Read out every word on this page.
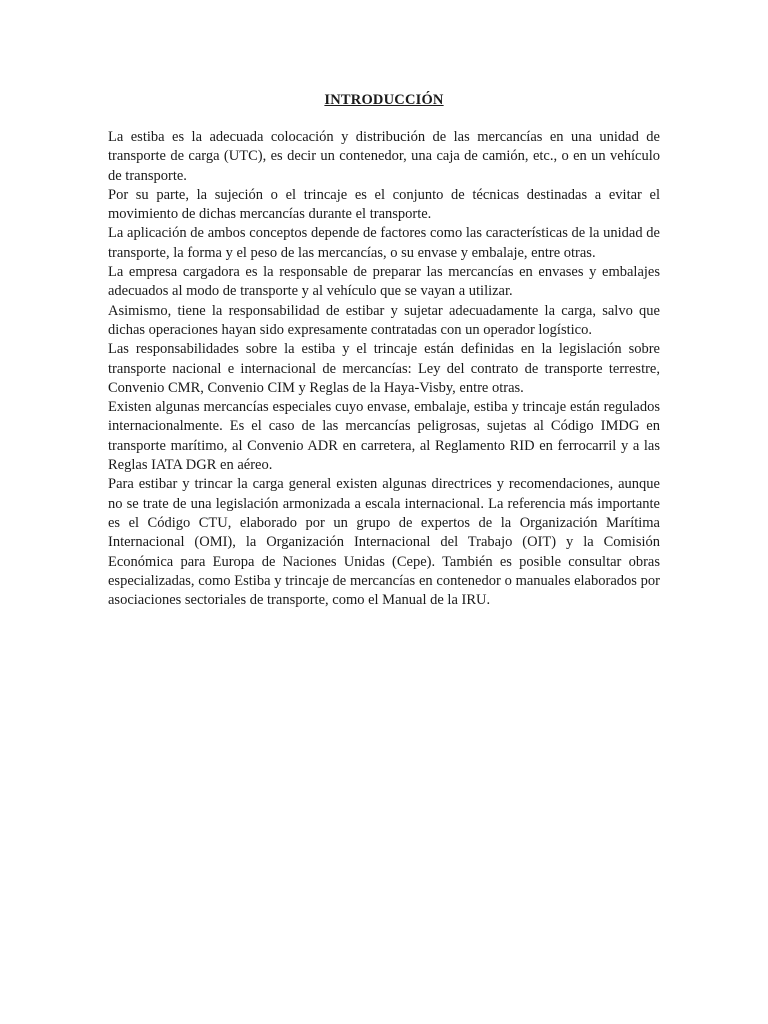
INTRODUCCIÓN

La estiba es la adecuada colocación y distribución de las mercancías en una unidad de transporte de carga (UTC), es decir un contenedor, una caja de camión, etc., o en un vehículo de transporte.

Por su parte, la sujeción o el trincaje es el conjunto de técnicas destinadas a evitar el movimiento de dichas mercancías durante el transporte.

La aplicación de ambos conceptos depende de factores como las características de la unidad de transporte, la forma y el peso de las mercancías, o su envase y embalaje, entre otras.

La empresa cargadora es la responsable de preparar las mercancías en envases y embalajes adecuados al modo de transporte y al vehículo que se vayan a utilizar.

Asimismo, tiene la responsabilidad de estibar y sujetar adecuadamente la carga, salvo que dichas operaciones hayan sido expresamente contratadas con un operador logístico.

Las responsabilidades sobre la estiba y el trincaje están definidas en la legislación sobre transporte nacional e internacional de mercancías: Ley del contrato de transporte terrestre, Convenio CMR, Convenio CIM y Reglas de la Haya-Visby, entre otras.

Existen algunas mercancías especiales cuyo envase, embalaje, estiba y trincaje están regulados internacionalmente. Es el caso de las mercancías peligrosas, sujetas al Código IMDG en transporte marítimo, al Convenio ADR en carretera, al Reglamento RID en ferrocarril y a las Reglas IATA DGR en aéreo.

Para estibar y trincar la carga general existen algunas directrices y recomendaciones, aunque no se trate de una legislación armonizada a escala internacional. La referencia más importante es el Código CTU, elaborado por un grupo de expertos de la Organización Marítima Internacional (OMI), la Organización Internacional del Trabajo (OIT) y la Comisión Económica para Europa de Naciones Unidas (Cepe). También es posible consultar obras especializadas, como Estiba y trincaje de mercancías en contenedor o manuales elaborados por asociaciones sectoriales de transporte, como el Manual de la IRU.
